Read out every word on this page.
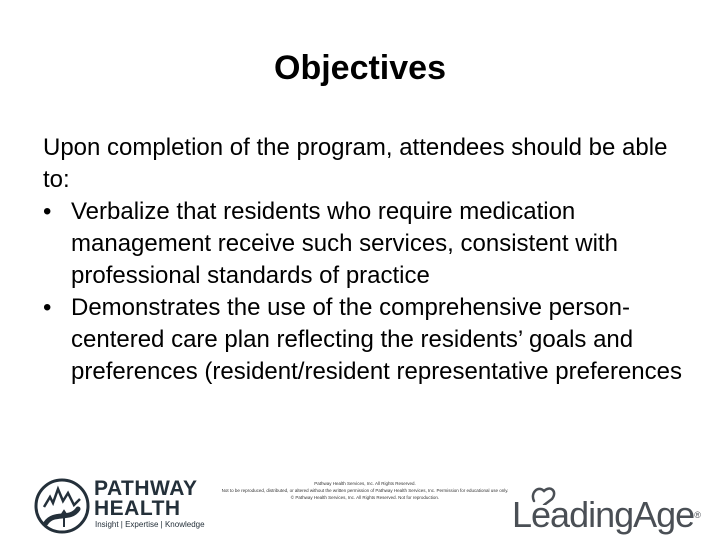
Objectives

Upon completion of the program, attendees should be able to:

• Verbalize that residents who require medication management receive such services, consistent with professional standards of practice
• Demonstrates the use of the comprehensive person-centered care plan reflecting the residents’ goals and preferences (resident/resident representative preferences
PATHWAY
HEALTH
Insight | Expertise | Knowledge
Pathway Health Services, Inc. All Rights Reserved.
Not to be reproduced, distributed, or altered without the written permission of Pathway Health Services, Inc. Permission for educational use only.
© Pathway Health Services, Inc. All Rights Reserved. Not for reproduction.	LeadingAge®
